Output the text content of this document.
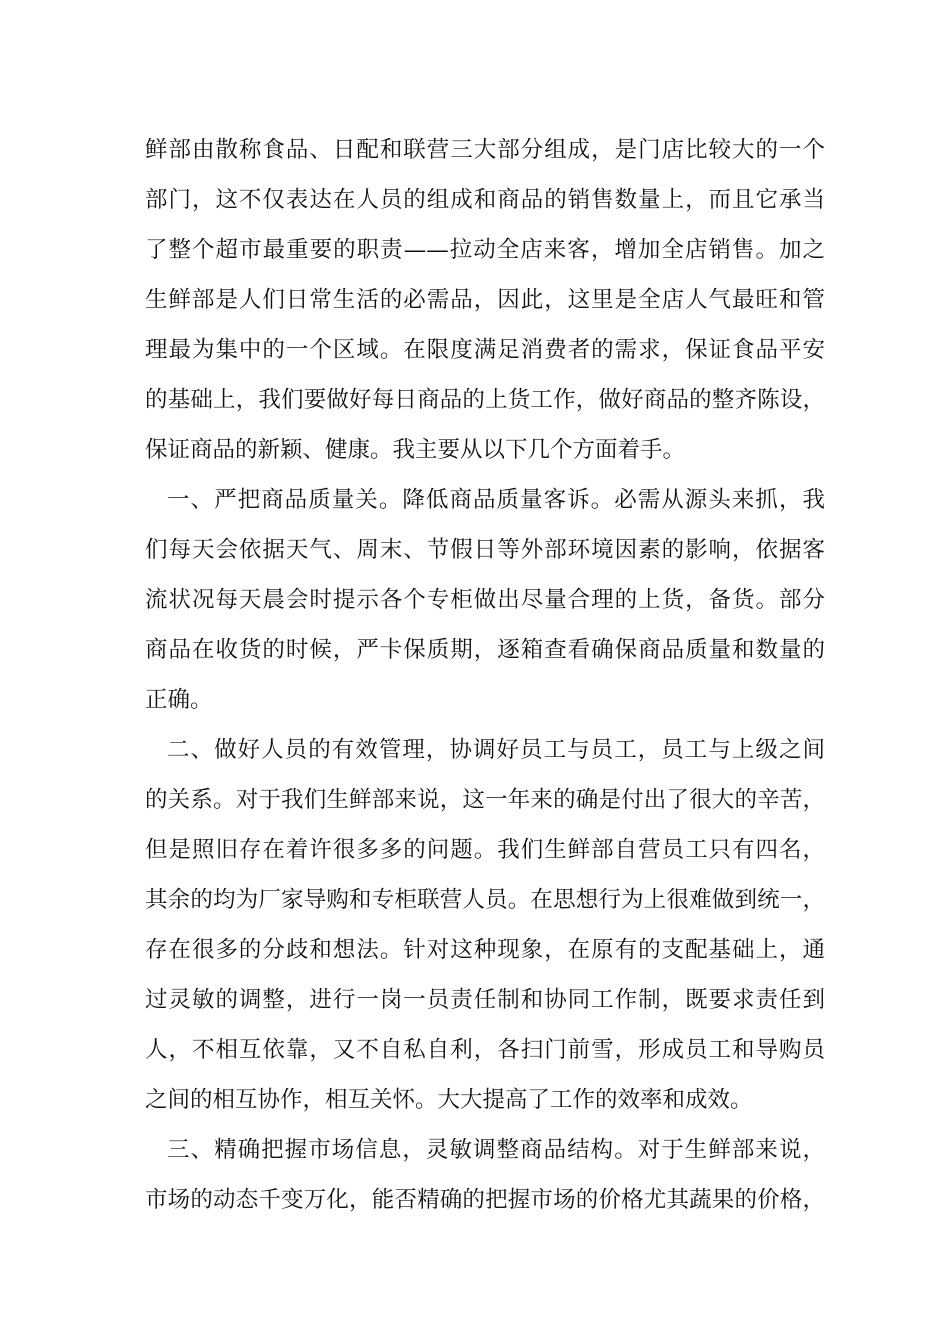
鲜部由散称食品、日配和联营三大部分组成，是门店比较大的一个
部门，这不仅表达在人员的组成和商品的销售数量上，而且它承当
了整个超市最重要的职责——拉动全店来客，增加全店销售。加之
生鲜部是人们日常生活的必需品，因此，这里是全店人气最旺和管
理最为集中的一个区域。在限度满足消费者的需求，保证食品平安
的基础上，我们要做好每日商品的上货工作，做好商品的整齐陈设，
保证商品的新颖、健康。我主要从以下几个方面着手。
一、严把商品质量关。降低商品质量客诉。必需从源头来抓，我
们每天会依据天气、周末、节假日等外部环境因素的影响，依据客
流状况每天晨会时提示各个专柜做出尽量合理的上货，备货。部分
商品在收货的时候，严卡保质期，逐箱查看确保商品质量和数量的
正确。
二、做好人员的有效管理，协调好员工与员工，员工与上级之间
的关系。对于我们生鲜部来说，这一年来的确是付出了很大的辛苦，
但是照旧存在着许很多多的问题。我们生鲜部自营员工只有四名，
其余的均为厂家导购和专柜联营人员。在思想行为上很难做到统一，
存在很多的分歧和想法。针对这种现象，在原有的支配基础上，通
过灵敏的调整，进行一岗一员责任制和协同工作制，既要求责任到
人，不相互依靠，又不自私自利，各扫门前雪，形成员工和导购员
之间的相互协作，相互关怀。大大提高了工作的效率和成效。
三、精确把握市场信息，灵敏调整商品结构。对于生鲜部来说，
市场的动态千变万化，能否精确的把握市场的价格尤其蔬果的价格，
